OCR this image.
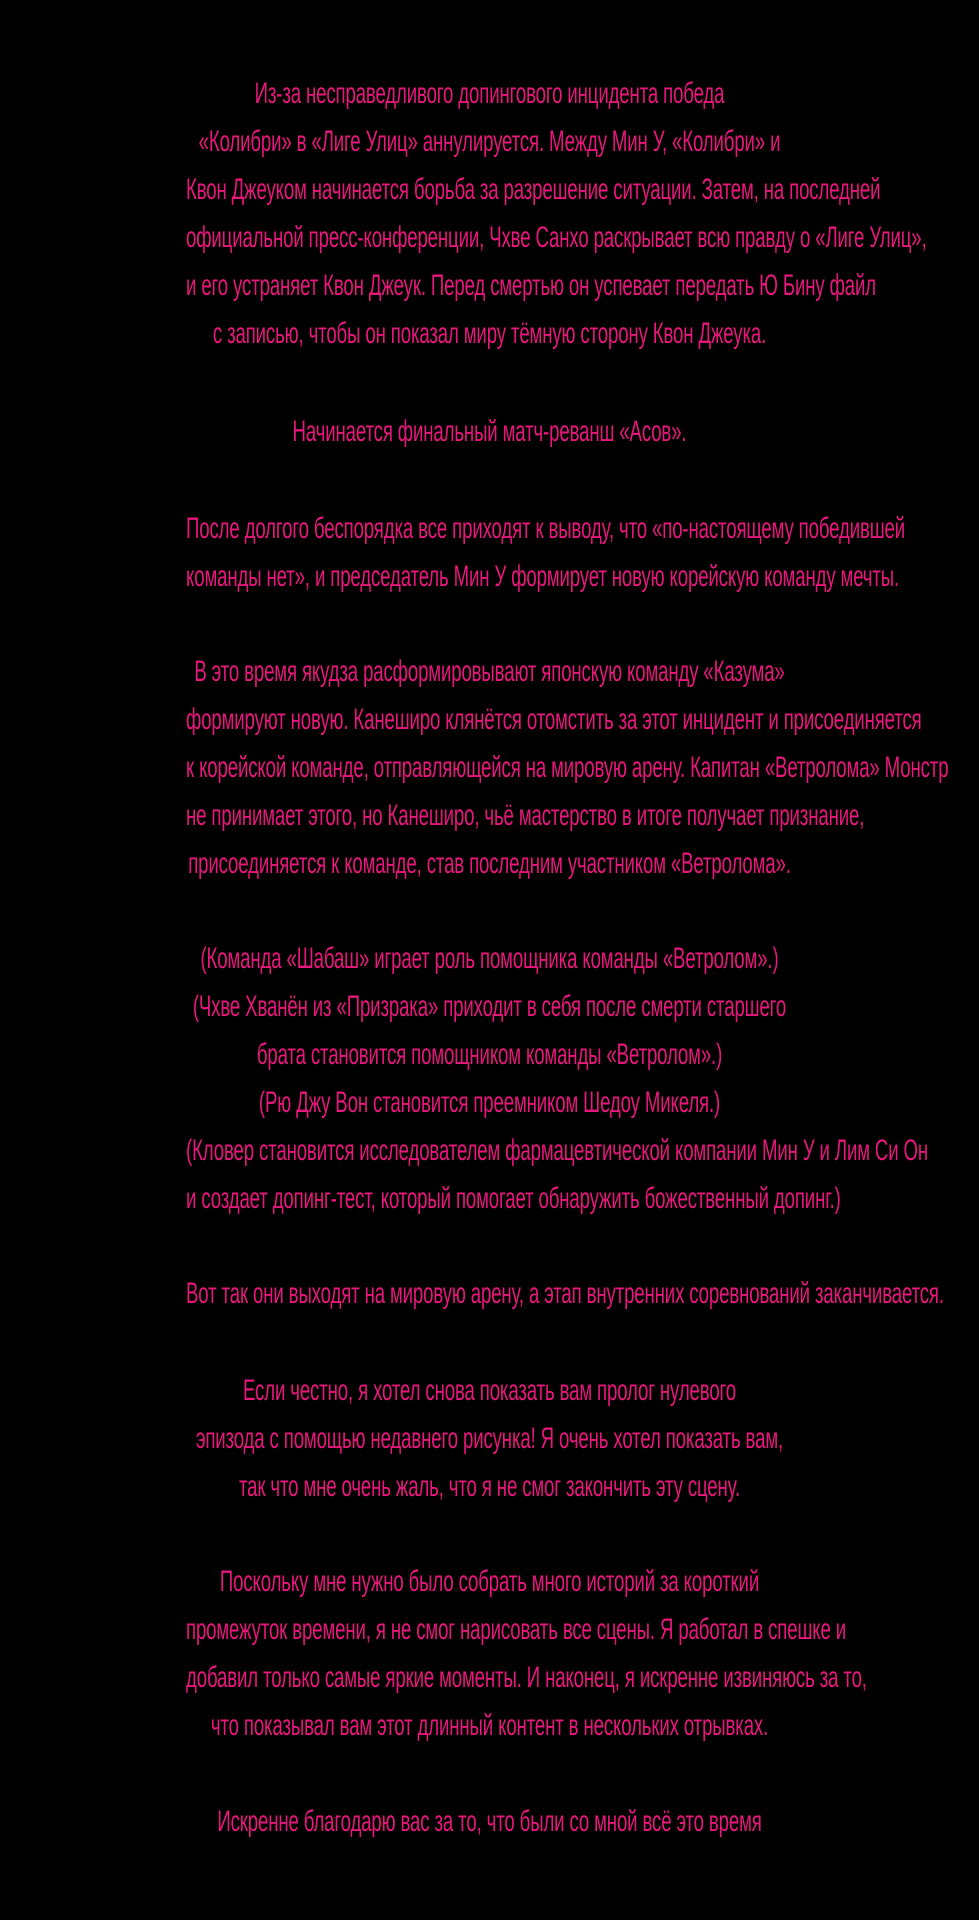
Из-за несправедливого допингового инцидента победа
«Колибри» в «Лиге Улиц» аннулируется. Между Мин У, «Колибри» и
Квон Джеуком начинается борьба за разрешение ситуации. Затем, на последней
официальной пресс-конференции, Чхве Санхо раскрывает всю правду о «Лиге Улиц»,
и его устраняет Квон Джеук. Перед смертью он успевает передать Ю Бину файл
с записью, чтобы он показал миру тёмную сторону Квон Джеука.
Начинается финальный матч-реванш «Асов».
После долгого беспорядка все приходят к выводу, что «по-настоящему победившей
команды нет», и председатель Мин У формирует новую корейскую команду мечты.
В это время якудза расформировывают японскую команду «Казума»
формируют новую. Канеширо клянётся отомстить за этот инцидент и присоединяется
к корейской команде, отправляющейся на мировую арену. Капитан «Ветролома» Монстр
не принимает этого, но Канеширо, чьё мастерство в итоге получает признание,
присоединяется к команде, став последним участником «Ветролома».
(Команда «Шабаш» играет роль помощника команды «Ветролом».)
(Чхве Хванён из «Призрака» приходит в себя после смерти старшего
брата становится помощником команды «Ветролом».)
(Рю Джу Вон становится преемником Шедоу Микеля.)
(Кловер становится исследователем фармацевтической компании Мин У и Лим Си Он
и создает допинг-тест, который помогает обнаружить божественный допинг.)
Вот так они выходят на мировую арену, а этап внутренних соревнований заканчивается.
Если честно, я хотел снова показать вам пролог нулевого
эпизода с помощью недавнего рисунка! Я очень хотел показать вам,
так что мне очень жаль, что я не смог закончить эту сцену.
Поскольку мне нужно было собрать много историй за короткий
промежуток времени, я не смог нарисовать все сцены. Я работал в спешке и
добавил только самые яркие моменты. И наконец, я искренне извиняюсь за то,
что показывал вам этот длинный контент в нескольких отрывках.
Искренне благодарю вас за то, что были со мной всё это время
